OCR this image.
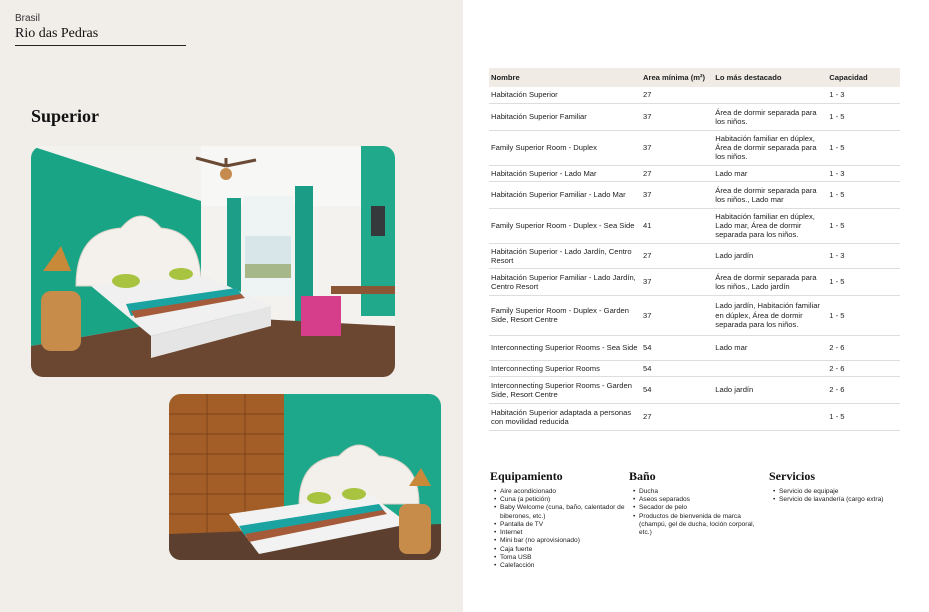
Brasil
Rio das Pedras
Superior
Nombre	Area mínima (m²)	Lo más destacado	Capacidad
Habitación Superior	27		1 - 3
Habitación Superior Familiar	37	Área de dormir separada para los niños.	1 - 5
Family Superior Room - Duplex	37	Habitación familiar en dúplex, Área de dormir separada para los niños.	1 - 5
Habitación Superior - Lado Mar	27	Lado mar	1 - 3
Habitación Superior Familiar - Lado Mar	37	Área de dormir separada para los niños., Lado mar	1 - 5
Family Superior Room - Duplex - Sea Side	41	Habitación familiar en dúplex, Lado mar, Área de dormir separada para los niños.	1 - 5
Habitación Superior - Lado Jardín, Centro Resort	27	Lado jardín	1 - 3
Habitación Superior Familiar - Lado Jardín, Centro Resort	37	Área de dormir separada para los niños., Lado jardín	1 - 5
Family Superior Room - Duplex - Garden Side, Resort Centre	37	Lado jardín, Habitación familiar en dúplex, Área de dormir separada para los niños.	1 - 5
Interconnecting Superior Rooms - Sea Side	54	Lado mar	2 - 6
Interconnecting Superior Rooms	54		2 - 6
Interconnecting Superior Rooms - Garden Side, Resort Centre	54	Lado jardín	2 - 6
Habitación Superior adaptada a personas con movilidad reducida	27		1 - 5
Equipamiento
• Aire acondicionado
• Cuna (a petición)
• Baby Welcome (cuna, baño, calentador de biberones, etc.)
• Pantalla de TV
• Internet
• Mini bar (no aprovisionado)
• Caja fuerte
• Toma USB
• Calefacción
Baño
• Ducha
• Aseos separados
• Secador de pelo
• Productos de bienvenida de marca (champú, gel de ducha, loción corporal, etc.)
Servicios
• Servicio de equipaje
• Servicio de lavandería (cargo extra)
